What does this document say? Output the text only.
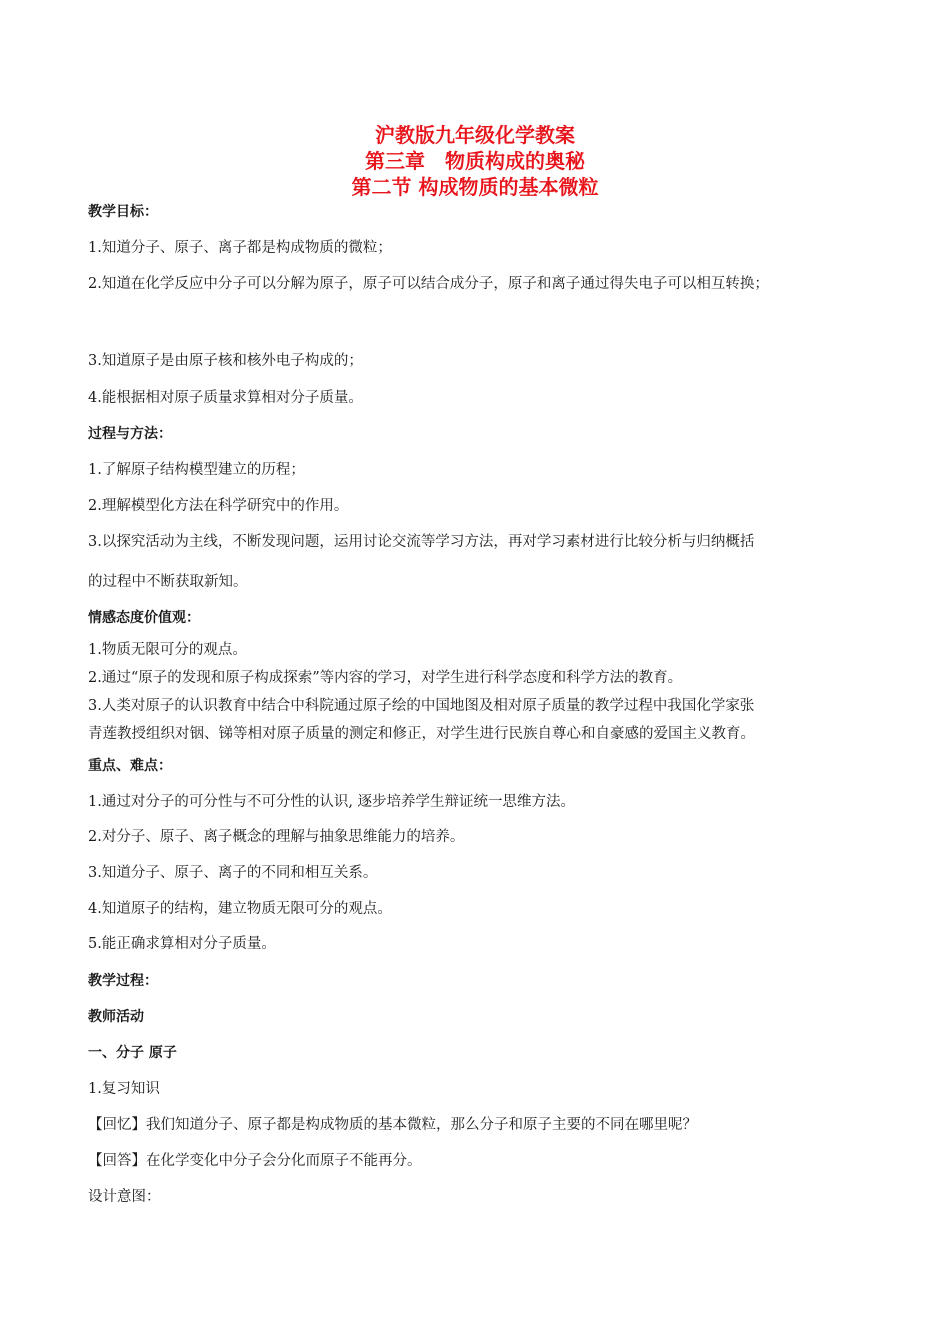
沪教版九年级化学教案
第三章　物质构成的奥秘
第二节 构成物质的基本微粒
教学目标：
1.知道分子、原子、离子都是构成物质的微粒；
2.知道在化学反应中分子可以分解为原子，原子可以结合成分子，原子和离子通过得失电子可以相互转换；
3.知道原子是由原子核和核外电子构成的；
4.能根据相对原子质量求算相对分子质量。
过程与方法：
1.了解原子结构模型建立的历程；
2.理解模型化方法在科学研究中的作用。
3.以探究活动为主线，不断发现问题，运用讨论交流等学习方法，再对学习素材进行比较分析与归纳概括
的过程中不断获取新知。
情感态度价值观：
1.物质无限可分的观点。
2.通过“原子的发现和原子构成探索”等内容的学习，对学生进行科学态度和科学方法的教育。
3.人类对原子的认识教育中结合中科院通过原子绘的中国地图及相对原子质量的教学过程中我国化学家张
青莲教授组织对铟、锑等相对原子质量的测定和修正，对学生进行民族自尊心和自豪感的爱国主义教育。
重点、难点：
1.通过对分子的可分性与不可分性的认识, 逐步培养学生辩证统一思维方法。
2.对分子、原子、离子概念的理解与抽象思维能力的培养。
3.知道分子、原子、离子的不同和相互关系。
4.知道原子的结构，建立物质无限可分的观点。
5.能正确求算相对分子质量。
教学过程：
教师活动
一、分子 原子
1.复习知识
【回忆】我们知道分子、原子都是构成物质的基本微粒，那么分子和原子主要的不同在哪里呢？
【回答】在化学变化中分子会分化而原子不能再分。
设计意图：
